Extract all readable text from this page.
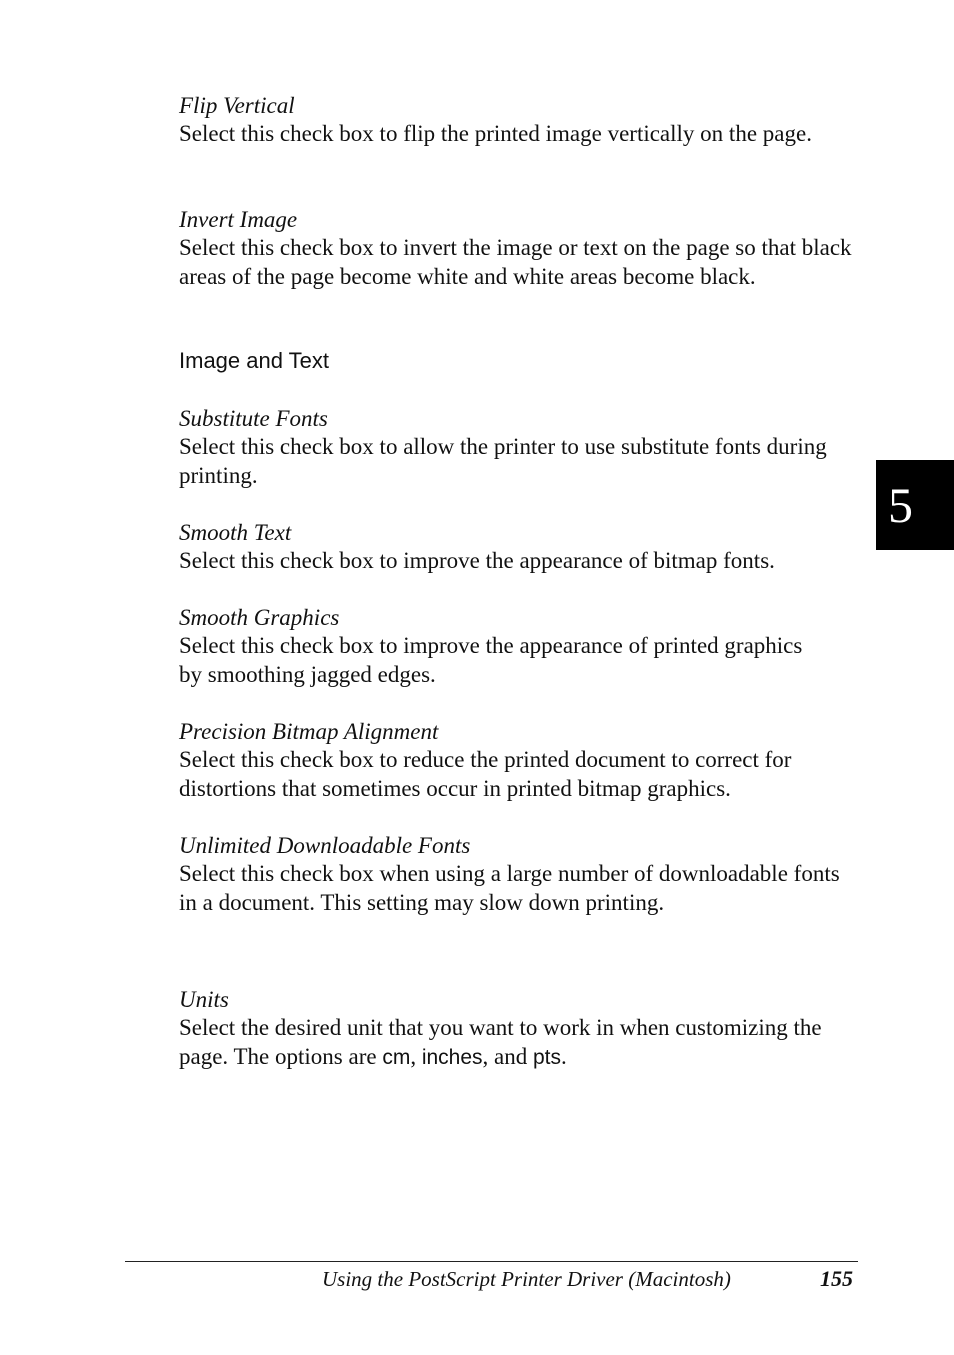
Flip Vertical

Select this check box to flip the printed image vertically on the page.

Invert Image

Select this check box to invert the image or text on the page so that black areas of the page become white and white areas become black.

Image and Text

Substitute Fonts

Select this check box to allow the printer to use substitute fonts during printing.

Smooth Text

Select this check box to improve the appearance of bitmap fonts.

Smooth Graphics

Select this check box to improve the appearance of printed graphics by smoothing jagged edges.

Precision Bitmap Alignment

Select this check box to reduce the printed document to correct for distortions that sometimes occur in printed bitmap graphics.

Unlimited Downloadable Fonts

Select this check box when using a large number of downloadable fonts in a document. This setting may slow down printing.

Units

Select the desired unit that you want to work in when customizing the page. The options are cm, inches, and pts.

5
Using the PostScript Printer Driver (Macintosh)	155
